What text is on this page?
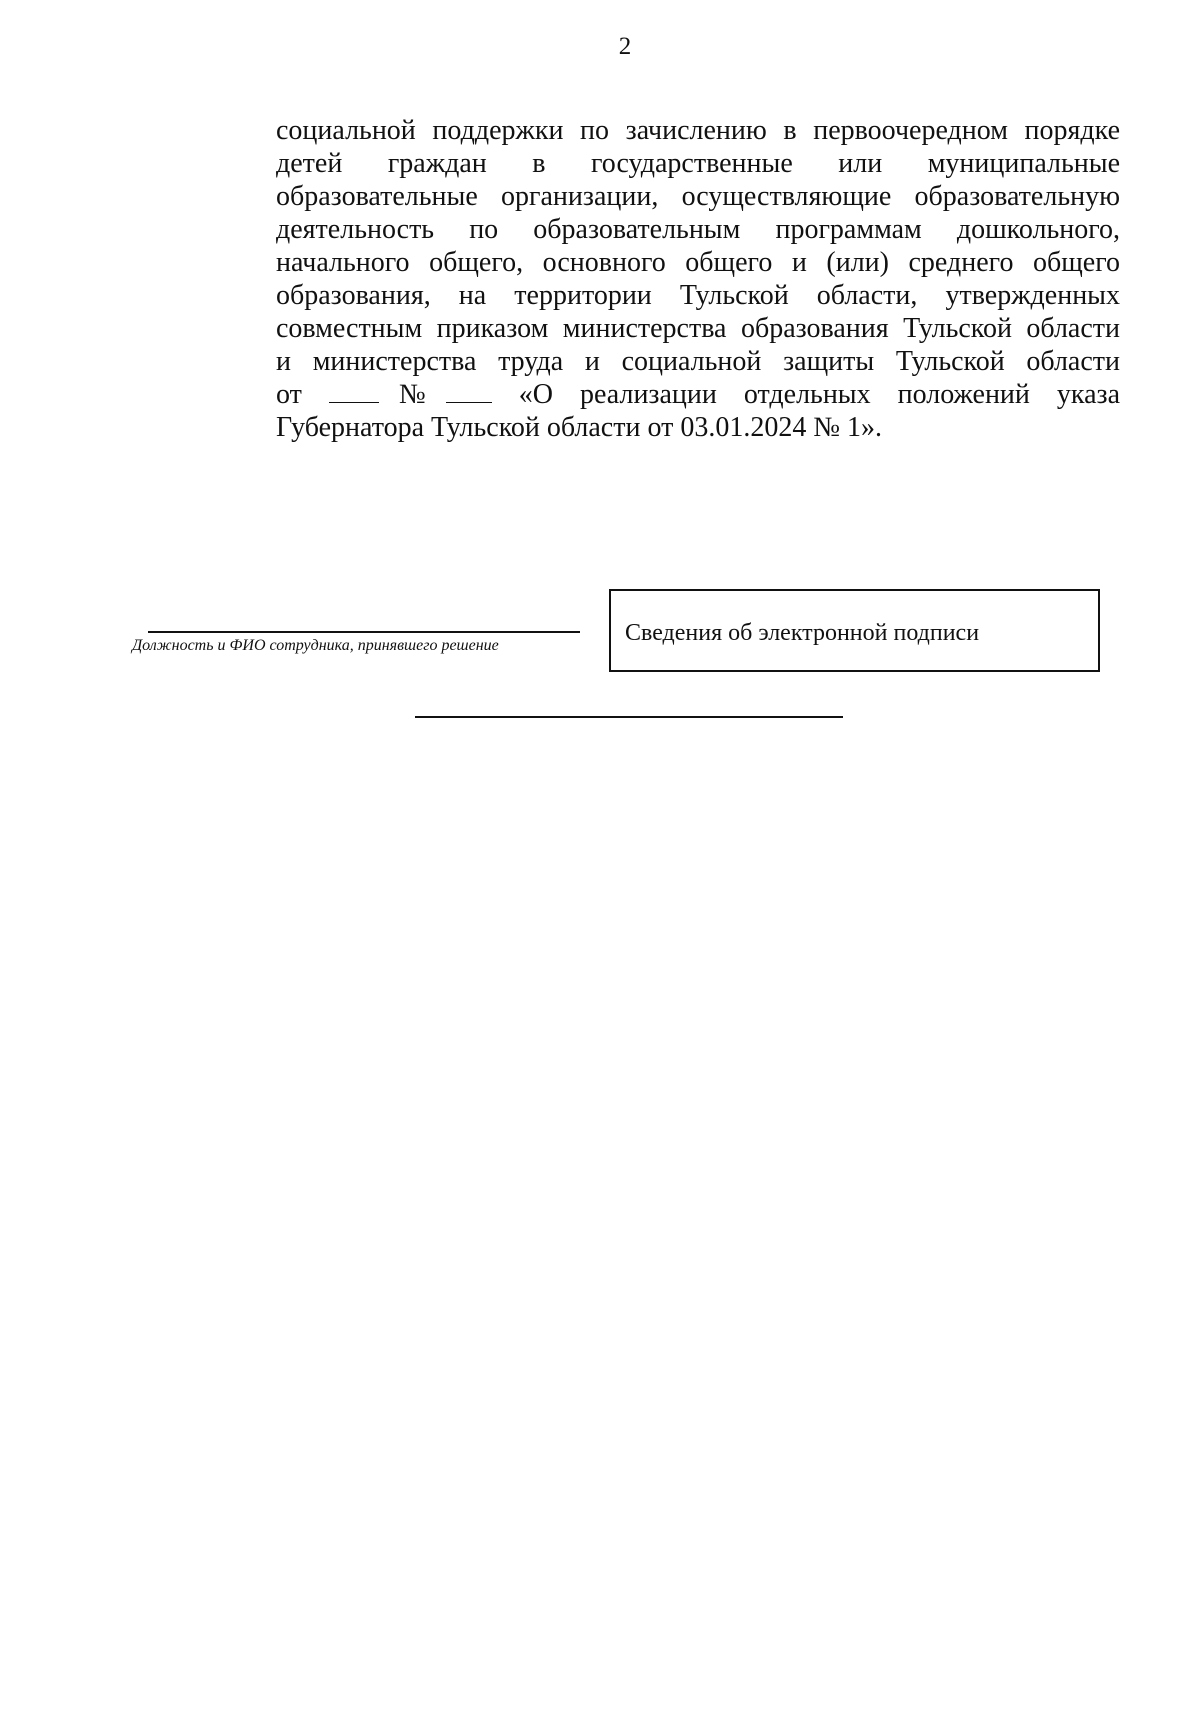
2
социальной поддержки по зачислению в первоочередном порядке
детей граждан в государственные или муниципальные
образовательные организации, осуществляющие образовательную
деятельность по образовательным программам дошкольного,
начального общего, основного общего и (или) среднего общего
образования, на территории Тульской области, утвержденных
совместным приказом министерства образования Тульской области
и министерства труда и социальной защиты Тульской области
от	№	«О реализации отдельных положений указа
Губернатора Тульской области от 03.01.2024 № 1».
Должность и ФИО сотрудника, принявшего решение	Сведения об электронной подписи
